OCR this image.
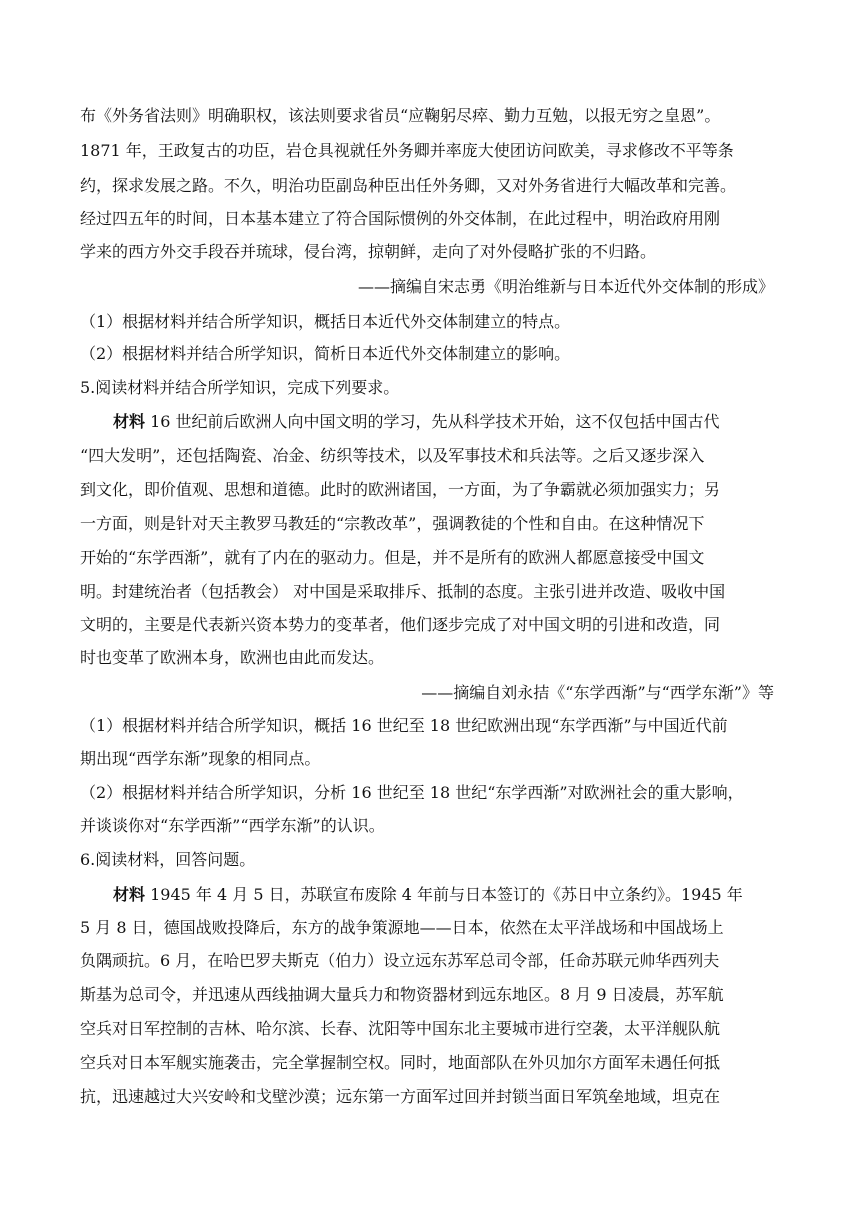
布《外务省法则》明确职权，该法则要求省员“应鞠躬尽瘁、勤力互勉，以报无穷之皇恩”。

1871 年，王政复古的功臣，岩仓具视就任外务卿并率庞大使团访问欧美，寻求修改不平等条

约，探求发展之路。不久，明治功臣副岛种臣出任外务卿，又对外务省进行大幅改革和完善。

经过四五年的时间，日本基本建立了符合国际惯例的外交体制，在此过程中，明治政府用刚

学来的西方外交手段吞并琉球，侵台湾，掠朝鲜，走向了对外侵略扩张的不归路。

——摘编自宋志勇《明治维新与日本近代外交体制的形成》

（1）根据材料并结合所学知识，概括日本近代外交体制建立的特点。

（2）根据材料并结合所学知识，简析日本近代外交体制建立的影响。

5.阅读材料并结合所学知识，完成下列要求。

材料 16 世纪前后欧洲人向中国文明的学习，先从科学技术开始，这不仅包括中国古代

“四大发明”，还包括陶瓷、冶金、纺织等技术，以及军事技术和兵法等。之后又逐步深入

到文化，即价值观、思想和道德。此时的欧洲诸国，一方面，为了争霸就必须加强实力；另

一方面，则是针对天主教罗马教廷的“宗教改革”，强调教徒的个性和自由。在这种情况下

开始的“东学西渐”，就有了内在的驱动力。但是，并不是所有的欧洲人都愿意接受中国文

明。封建统治者（包括教会） 对中国是采取排斥、抵制的态度。主张引进并改造、吸收中国

文明的，主要是代表新兴资本势力的变革者，他们逐步完成了对中国文明的引进和改造，同

时也变革了欧洲本身，欧洲也由此而发达。

——摘编自刘永拮《“东学西渐”与“西学东渐”》等

（1）根据材料并结合所学知识，概括 16 世纪至 18 世纪欧洲出现“东学西渐”与中国近代前

期出现“西学东渐”现象的相同点。

（2）根据材料并结合所学知识，分析 16 世纪至 18 世纪“东学西渐”对欧洲社会的重大影响，

并谈谈你对“东学西渐”“西学东渐”的认识。

6.阅读材料，回答问题。

材料 1945 年 4 月 5 日，苏联宣布废除 4 年前与日本签订的《苏日中立条约》。1945 年

5 月 8 日，德国战败投降后，东方的战争策源地——日本，依然在太平洋战场和中国战场上

负隅顽抗。6 月，在哈巴罗夫斯克（伯力）设立远东苏军总司令部，任命苏联元帅华西列夫

斯基为总司令，并迅速从西线抽调大量兵力和物资器材到远东地区。8 月 9 日凌晨，苏军航

空兵对日军控制的吉林、哈尔滨、长春、沈阳等中国东北主要城市进行空袭，太平洋舰队航

空兵对日本军舰实施袭击，完全掌握制空权。同时，地面部队在外贝加尔方面军未遇任何抵

抗，迅速越过大兴安岭和戈壁沙漠；远东第一方面军过回并封锁当面日军筑垒地域，坦克在
